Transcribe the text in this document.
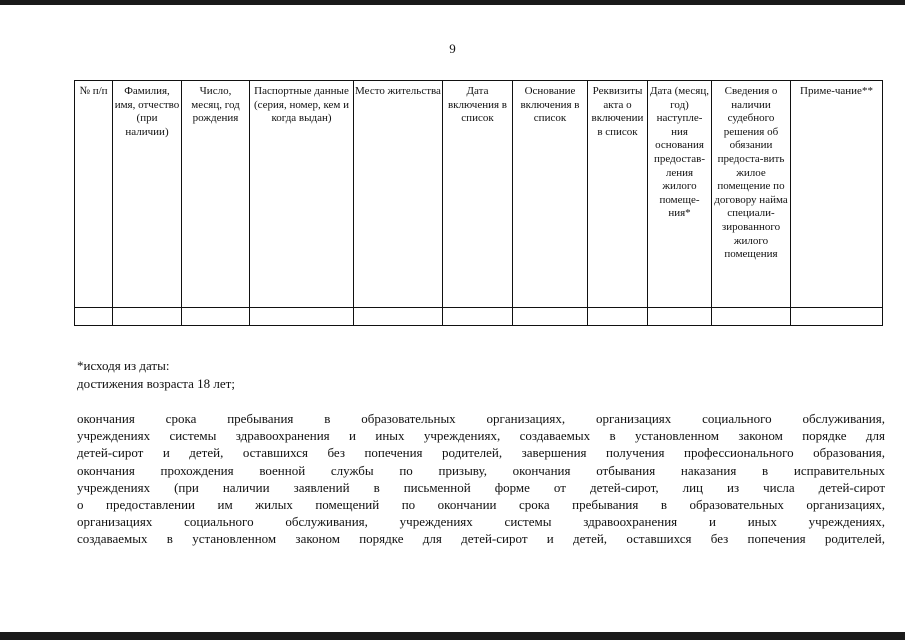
9
№ п/п	Фамилия, имя, отчество (при наличии)	Число, месяц, год рождения	Паспортные данные (серия, номер, кем и когда выдан)	Место жительства	Дата включения в список	Основание включения в список	Реквизиты акта о включении в список	Дата (месяц, год) наступле-ния основания предостав-ления жилого помеще-ния*	Сведения о наличии судебного решения об обязании предоста-вить жилое помещение по договору найма специали-зированного жилого помещения	Приме-чание**

*исходя из даты:
достижения возраста 18 лет;
окончания срока пребывания в образовательных организациях, организациях социального обслуживания,
учреждениях системы здравоохранения и иных учреждениях, создаваемых в установленном законом порядке для
детей-сирот и детей, оставшихся без попечения родителей, завершения получения профессионального образования,
окончания прохождения военной службы по призыву, окончания отбывания наказания в исправительных
учреждениях (при наличии заявлений в письменной форме от детей-сирот, лиц из числа детей-сирот
о предоставлении им жилых помещений по окончании срока пребывания в образовательных организациях,
организациях социального обслуживания, учреждениях системы здравоохранения и иных учреждениях,
создаваемых в установленном законом порядке для детей-сирот и детей, оставшихся без попечения родителей,
